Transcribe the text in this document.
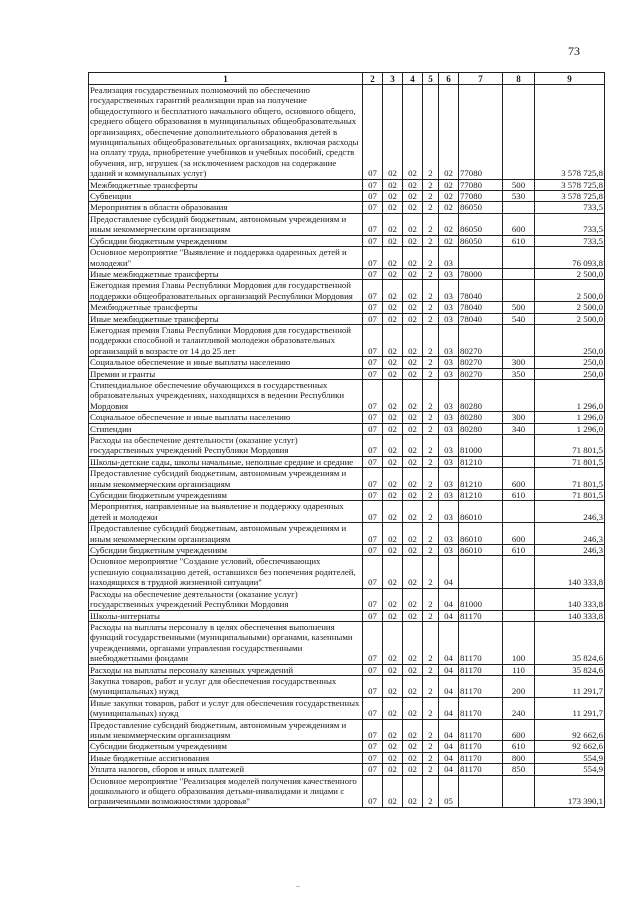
73
1	2	3	4	5	6	7	8	9
Реализация государственных полномочий по обеспечению государственных гарантий реализации прав на получение общедоступного и бесплатного начального общего, основного общего, среднего общего образования в муниципальных общеобразовательных организациях, обеспечение дополнительного образования детей в муниципальных общеобразовательных организациях, включая расходы на оплату труда, приобретение учебников и учебных пособий, средств обучения, игр, игрушек (за исключением расходов на содержание зданий и коммунальных услуг)	07	02	02	2	02	77080		3 578 725,8
Межбюджетные трансферты	07	02	02	2	02	77080	500	3 578 725,8
Субвенции	07	02	02	2	02	77080	530	3 578 725,8
Мероприятия в области образования	07	02	02	2	02	86050		733,5
Предоставление субсидий бюджетным, автономным учреждениям и иным некоммерческим организациям	07	02	02	2	02	86050	600	733,5
Субсидии бюджетным учреждениям	07	02	02	2	02	86050	610	733,5
Основное мероприятие "Выявление и поддержка одаренных детей и молодежи"	07	02	02	2	03			76 093,8
Иные межбюджетные трансферты	07	02	02	2	03	78000		2 500,0
Ежегодная премия Главы Республики Мордовия для государственной поддержки общеобразовательных организаций Республики Мордовия	07	02	02	2	03	78040		2 500,0
Межбюджетные трансферты	07	02	02	2	03	78040	500	2 500,0
Иные межбюджетные трансферты	07	02	02	2	03	78040	540	2 500,0
Ежегодная премия Главы Республики Мордовия для государственной поддержки способной и талантливой молодежи образовательных организаций в возрасте от 14 до 25 лет	07	02	02	2	03	80270		250,0
Социальное обеспечение и иные выплаты населению	07	02	02	2	03	80270	300	250,0
Премии и гранты	07	02	02	2	03	80270	350	250,0
Стипендиальное обеспечение обучающихся в государственных образовательных учреждениях, находящихся в ведении Республики Мордовия	07	02	02	2	03	80280		1 296,0
Социальное обеспечение и иные выплаты населению	07	02	02	2	03	80280	300	1 296,0
Стипендии	07	02	02	2	03	80280	340	1 296,0
Расходы на обеспечение деятельности (оказание услуг) государственных учреждений Республики Мордовия	07	02	02	2	03	81000		71 801,5
Школы-детские сады, школы начальные, неполные средние и средние	07	02	02	2	03	81210		71 801,5
Предоставление субсидий бюджетным, автономным учреждениям и иным некоммерческим организациям	07	02	02	2	03	81210	600	71 801,5
Субсидии бюджетным учреждениям	07	02	02	2	03	81210	610	71 801,5
Мероприятия, направленные на выявление и поддержку одаренных детей и молодежи	07	02	02	2	03	86010		246,3
Предоставление субсидий бюджетным, автономным учреждениям и иным некоммерческим организациям	07	02	02	2	03	86010	600	246,3
Субсидии бюджетным учреждениям	07	02	02	2	03	86010	610	246,3
Основное мероприятие "Создание условий, обеспечивающих успешную социализацию детей, оставшихся без попечения родителей, находящихся в трудной жизненной ситуации"	07	02	02	2	04			140 333,8
Расходы на обеспечение деятельности (оказание услуг) государственных учреждений Республики Мордовия	07	02	02	2	04	81000		140 333,8
Школы-интернаты	07	02	02	2	04	81170		140 333,8
Расходы на выплаты персоналу в целях обеспечения выполнения функций государственными (муниципальными) органами, казенными учреждениями, органами управления государственными внебюджетными фондами	07	02	02	2	04	81170	100	35 824,6
Расходы на выплаты персоналу казенных учреждений	07	02	02	2	04	81170	110	35 824,6
Закупка товаров, работ и услуг для обеспечения государственных (муниципальных) нужд	07	02	02	2	04	81170	200	11 291,7
Иные закупки товаров, работ и услуг для обеспечения государственных (муниципальных) нужд	07	02	02	2	04	81170	240	11 291,7
Предоставление субсидий бюджетным, автономным учреждениям и иным некоммерческим организациям	07	02	02	2	04	81170	600	92 662,6
Субсидии бюджетным учреждениям	07	02	02	2	04	81170	610	92 662,6
Иные бюджетные ассигнования	07	02	02	2	04	81170	800	554,9
Уплата налогов, сборов и иных платежей	07	02	02	2	04	81170	850	554,9
Основное мероприятие "Реализация моделей получения качественного дошкольного и общего образования детьми-инвалидами и лицами с ограниченными возможностями здоровья"	07	02	02	2	05			173 390,1
